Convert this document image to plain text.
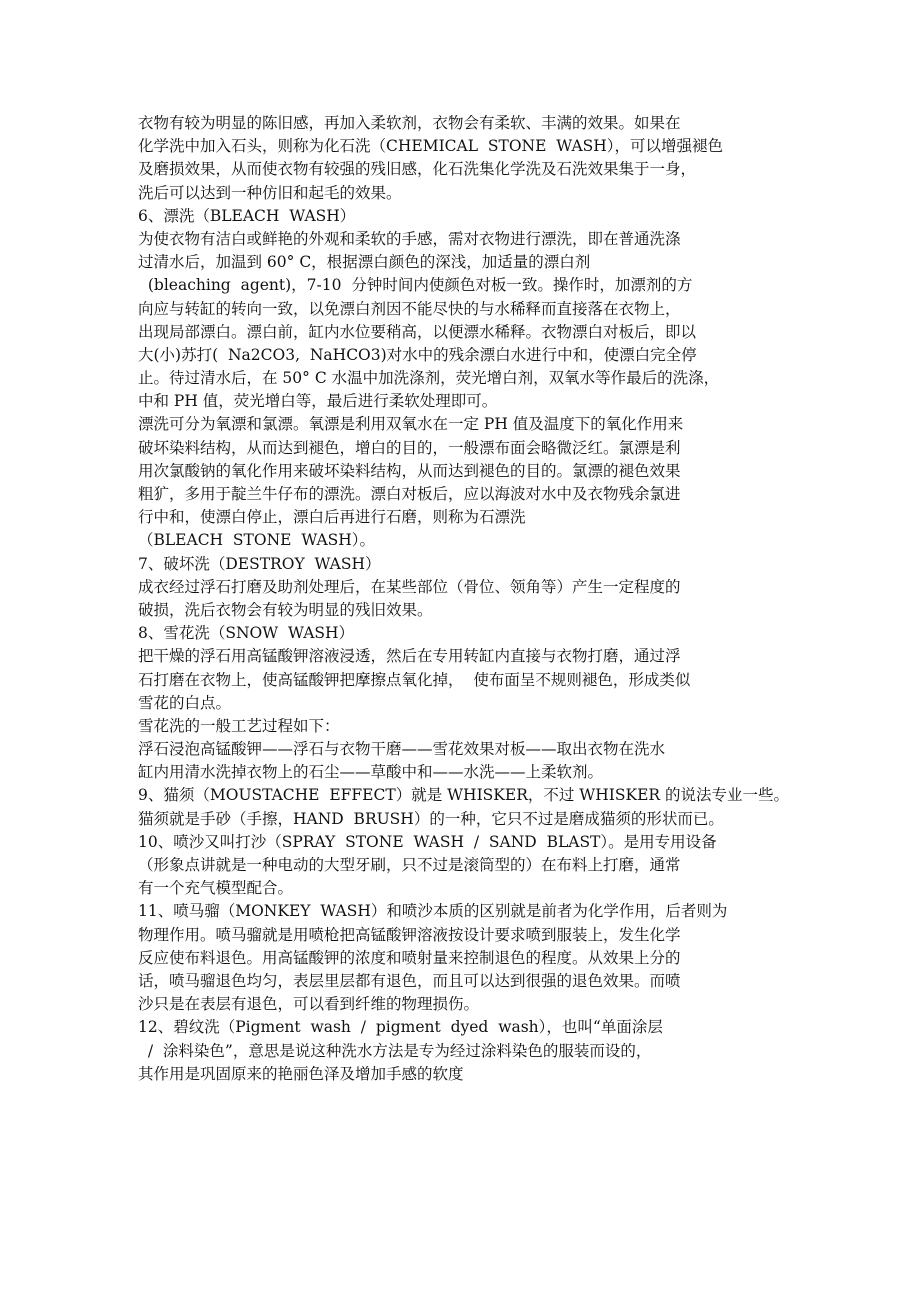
衣物有较为明显的陈旧感，再加入柔软剂，衣物会有柔软、丰满的效果。如果在
化学洗中加入石头，则称为化石洗（CHEMICAL  STONE  WASH），可以增强褪色
及磨损效果，从而使衣物有较强的残旧感，化石洗集化学洗及石洗效果集于一身，
洗后可以达到一种仿旧和起毛的效果。
6、漂洗（BLEACH  WASH）
为使衣物有洁白或鲜艳的外观和柔软的手感，需对衣物进行漂洗，即在普通洗涤
过清水后，加温到 60° C，根据漂白颜色的深浅，加适量的漂白剂
(bleaching  agent)，7-10  分钟时间内使颜色对板一致。操作时，加漂剂的方
向应与转缸的转向一致，以免漂白剂因不能尽快的与水稀释而直接落在衣物上，
出现局部漂白。漂白前，缸内水位要稍高，以便漂水稀释。衣物漂白对板后，即以
大(小)苏打(  Na2CO3,  NaHCO3)对水中的残余漂白水进行中和，使漂白完全停
止。待过清水后，在 50° C 水温中加洗涤剂，荧光增白剂，双氧水等作最后的洗涤，
中和 PH 值，荧光增白等，最后进行柔软处理即可。
漂洗可分为氧漂和氯漂。氧漂是利用双氧水在一定 PH 值及温度下的氧化作用来
破坏染料结构，从而达到褪色，增白的目的，一般漂布面会略微泛红。氯漂是利
用次氯酸钠的氧化作用来破坏染料结构，从而达到褪色的目的。氯漂的褪色效果
粗犷，多用于靛兰牛仔布的漂洗。漂白对板后，应以海波对水中及衣物残余氯进
行中和，使漂白停止，漂白后再进行石磨，则称为石漂洗
（BLEACH  STONE  WASH）。
7、破坏洗（DESTROY  WASH）
成衣经过浮石打磨及助剂处理后，在某些部位（骨位、领角等）产生一定程度的
破损，洗后衣物会有较为明显的残旧效果。
8、雪花洗（SNOW  WASH）
把干燥的浮石用高锰酸钾溶液浸透，然后在专用转缸内直接与衣物打磨，通过浮
石打磨在衣物上，使高锰酸钾把摩擦点氧化掉，  使布面呈不规则褪色，形成类似
雪花的白点。
雪花洗的一般工艺过程如下：
浮石浸泡高锰酸钾——浮石与衣物干磨——雪花效果对板——取出衣物在洗水
缸内用清水洗掉衣物上的石尘——草酸中和——水洗——上柔软剂。
9、猫须（MOUSTACHE  EFFECT）就是 WHISKER，不过 WHISKER 的说法专业一些。
猫须就是手砂（手擦，HAND  BRUSH）的一种，它只不过是磨成猫须的形状而已。
10、喷沙又叫打沙（SPRAY  STONE  WASH  /  SAND  BLAST）。是用专用设备
（形象点讲就是一种电动的大型牙刷，只不过是滚筒型的）在布料上打磨，通常
有一个充气模型配合。
11、喷马骝（MONKEY  WASH）和喷沙本质的区别就是前者为化学作用，后者则为
物理作用。喷马骝就是用喷枪把高锰酸钾溶液按设计要求喷到服装上，发生化学
反应使布料退色。用高锰酸钾的浓度和喷射量来控制退色的程度。从效果上分的
话，喷马骝退色均匀，表层里层都有退色，而且可以达到很强的退色效果。而喷
沙只是在表层有退色，可以看到纤维的物理损伤。
12、碧纹洗（Pigment  wash  /  pigment  dyed  wash），也叫“单面涂层
/  涂料染色”，意思是说这种洗水方法是专为经过涂料染色的服装而设的，
其作用是巩固原来的艳丽色泽及增加手感的软度
